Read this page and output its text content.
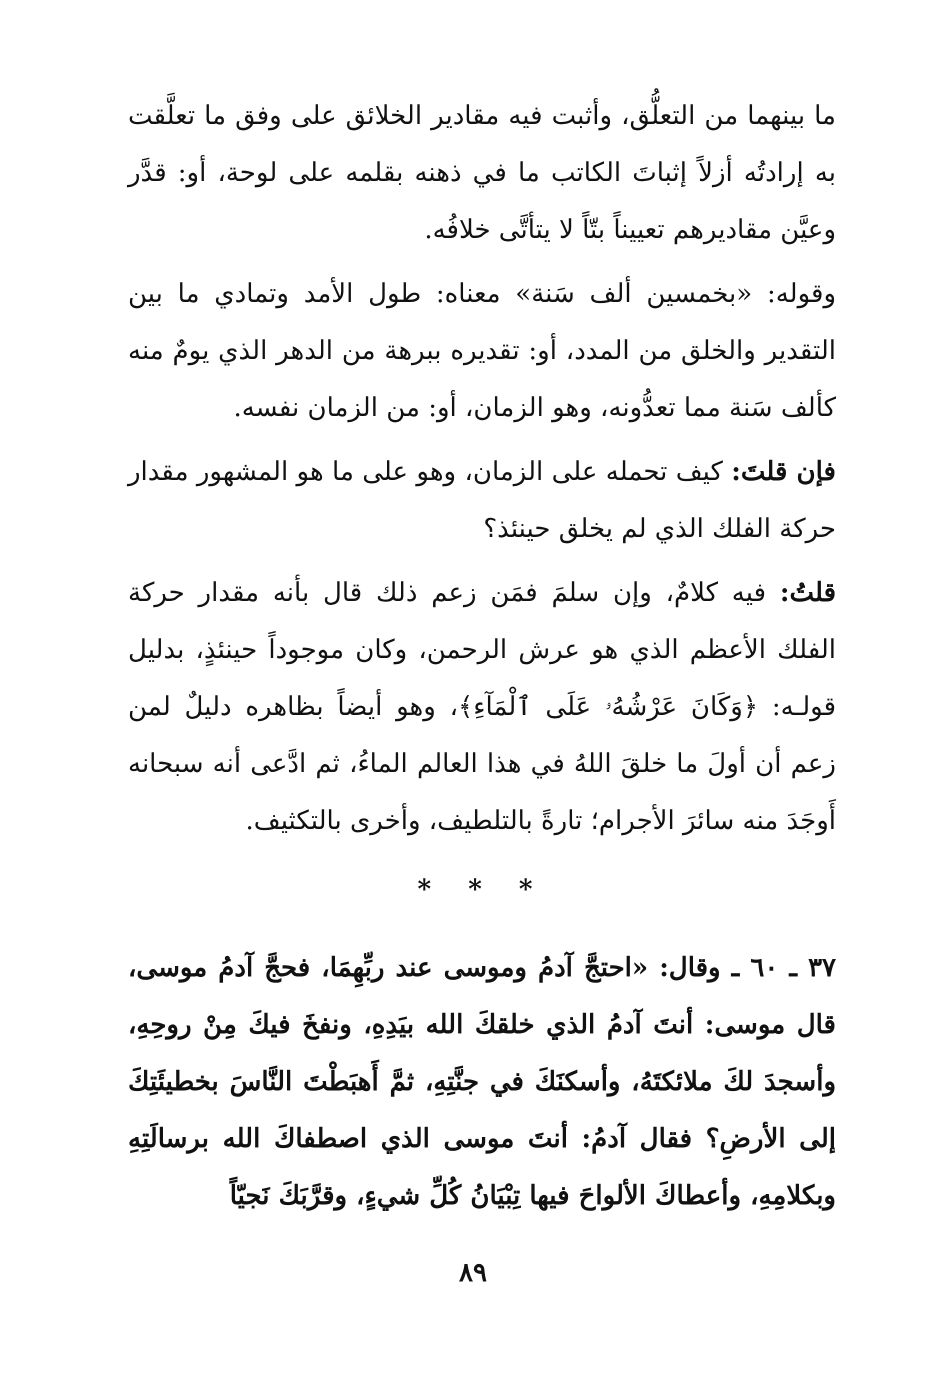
ما بينهما من التعلُّق، وأثبت فيه مقادير الخلائق على وفق ما تعلَّقت به إرادتُه أزلاً إثباتَ الكاتب ما في ذهنه بقلمه على لوحة، أو: قدَّر وعيَّن مقاديرهم تعييناً بتّاً لا يتأتَّى خلافُه.

وقوله: «بخمسين ألف سَنة» معناه: طول الأمد وتمادي ما بين التقدير والخلق من المدد، أو: تقديره ببرهة من الدهر الذي يومٌ منه كألف سَنة مما تعدُّونه، وهو الزمان، أو: من الزمان نفسه.

فإن قلتَ: كيف تحمله على الزمان، وهو على ما هو المشهور مقدار حركة الفلك الذي لم يخلق حينئذ؟

قلتُ: فيه كلامٌ، وإن سلمَ فمَن زعم ذلك قال بأنه مقدار حركة الفلك الأعظم الذي هو عرش الرحمن، وكان موجوداً حينئذٍ، بدليل قولـه: ﴿وَكَانَ عَرْشُهُۥ عَلَى ٱلْمَآءِ﴾، وهو أيضاً بظاهره دليلٌ لمن زعم أن أولَ ما خلقَ اللهُ في هذا العالم الماءُ، ثم ادَّعى أنه سبحانه أَوجَدَ منه سائرَ الأجرام؛ تارةً بالتلطيف، وأخرى بالتكثيف.

* * *

٣٧ ـ ٦٠ ـ وقال: «احتجَّ آدمُ وموسى عند ربِّهِمَا، فحجَّ آدمُ موسى، قال موسى: أنتَ آدمُ الذي خلقكَ الله بيَدِهِ، ونفخَ فيكَ مِنْ روحِهِ، وأسجدَ لكَ ملائكتَهُ، وأسكنَكَ في جنَّتِهِ، ثمَّ أَهبَطْتَ النَّاسَ بخطيئَتِكَ إلى الأرضِ؟ فقال آدمُ: أنتَ موسى الذي اصطفاكَ الله برسالَتِهِ وبكلامِهِ، وأعطاكَ الألواحَ فيها تِبْيَانُ كُلِّ شيءٍ، وقرَّبَكَ نَجيّاً

٨٩
